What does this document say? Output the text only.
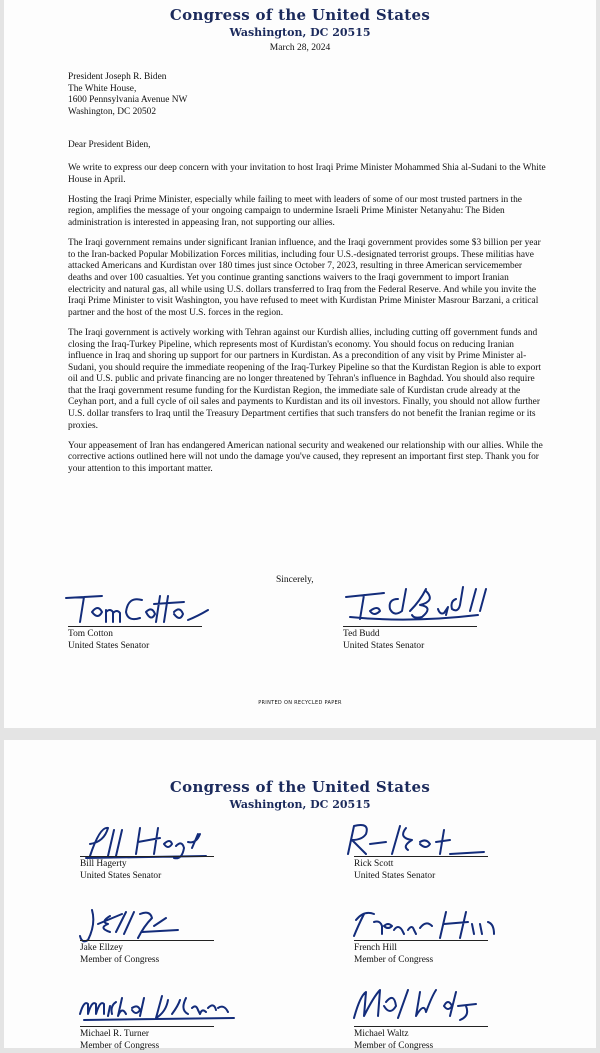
Congress of the United States
Washington, DC 20515
March 28, 2024
President Joseph R. Biden
The White House,
1600 Pennsylvania Avenue NW
Washington, DC 20502
Dear President Biden,

We write to express our deep concern with your invitation to host Iraqi Prime Minister Mohammed Shia al-Sudani to the White House in April.

Hosting the Iraqi Prime Minister, especially while failing to meet with leaders of some of our most trusted partners in the region, amplifies the message of your ongoing campaign to undermine Israeli Prime Minister Netanyahu: The Biden administration is interested in appeasing Iran, not supporting our allies.

The Iraqi government remains under significant Iranian influence, and the Iraqi government provides some $3 billion per year to the Iran-backed Popular Mobilization Forces militias, including four U.S.-designated terrorist groups. These militias have attacked Americans and Kurdistan over 180 times just since October 7, 2023, resulting in three American servicemember deaths and over 100 casualties. Yet you continue granting sanctions waivers to the Iraqi government to import Iranian electricity and natural gas, all while using U.S. dollars transferred to Iraq from the Federal Reserve. And while you invite the Iraqi Prime Minister to visit Washington, you have refused to meet with Kurdistan Prime Minister Masrour Barzani, a critical partner and the host of the most U.S. forces in the region.

The Iraqi government is actively working with Tehran against our Kurdish allies, including cutting off government funds and closing the Iraq-Turkey Pipeline, which represents most of Kurdistan's economy. You should focus on reducing Iranian influence in Iraq and shoring up support for our partners in Kurdistan. As a precondition of any visit by Prime Minister al-Sudani, you should require the immediate reopening of the Iraq-Turkey Pipeline so that the Kurdistan Region is able to export oil and U.S. public and private financing are no longer threatened by Tehran's influence in Baghdad. You should also require that the Iraqi government resume funding for the Kurdistan Region, the immediate sale of Kurdistan crude already at the Ceyhan port, and a full cycle of oil sales and payments to Kurdistan and its oil investors. Finally, you should not allow further U.S. dollar transfers to Iraq until the Treasury Department certifies that such transfers do not benefit the Iranian regime or its proxies.

Your appeasement of Iran has endangered American national security and weakened our relationship with our allies. While the corrective actions outlined here will not undo the damage you've caused, they represent an important first step. Thank you for your attention to this important matter.

Sincerely,
Tom Cotton
United States Senator
Ted Budd
United States Senator
PRINTED ON RECYCLED PAPER
Congress of the United States
Washington, DC 20515
Bill Hagerty
United States Senator
Rick Scott
United States Senator
Jake Ellzey
Member of Congress
French Hill
Member of Congress
Michael R. Turner
Member of Congress
Michael Waltz
Member of Congress
